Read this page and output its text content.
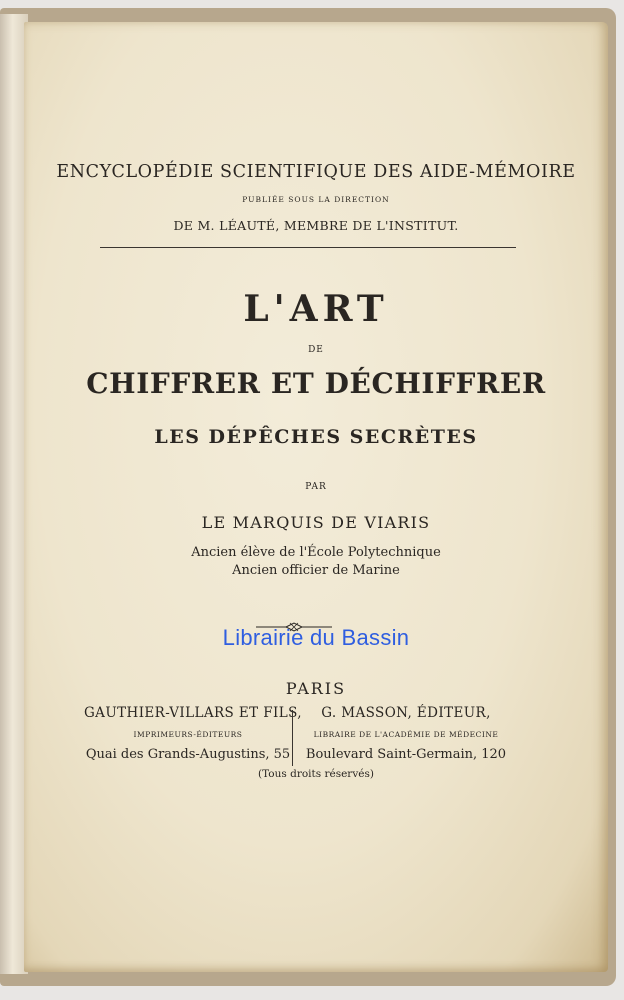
ENCYCLOPÉDIE SCIENTIFIQUE DES AIDE-MÉMOIRE
PUBLIÉE SOUS LA DIRECTION
DE M. LÉAUTÉ, MEMBRE DE L'INSTITUT.
L'ART
DE
CHIFFRER ET DÉCHIFFRER
LES DÉPÊCHES SECRÈTES
PAR
LE MARQUIS DE VIARIS
Ancien élève de l'École Polytechnique
Ancien officier de Marine
Librairie du Bassin
PARIS
GAUTHIER-VILLARS ET FILS,
IMPRIMEURS-ÉDITEURS
Quai des Grands-Augustins, 55
G. MASSON, ÉDITEUR,
LIBRAIRE DE L'ACADÉMIE DE MÉDECINE
Boulevard Saint-Germain, 120
(Tous droits réservés)
